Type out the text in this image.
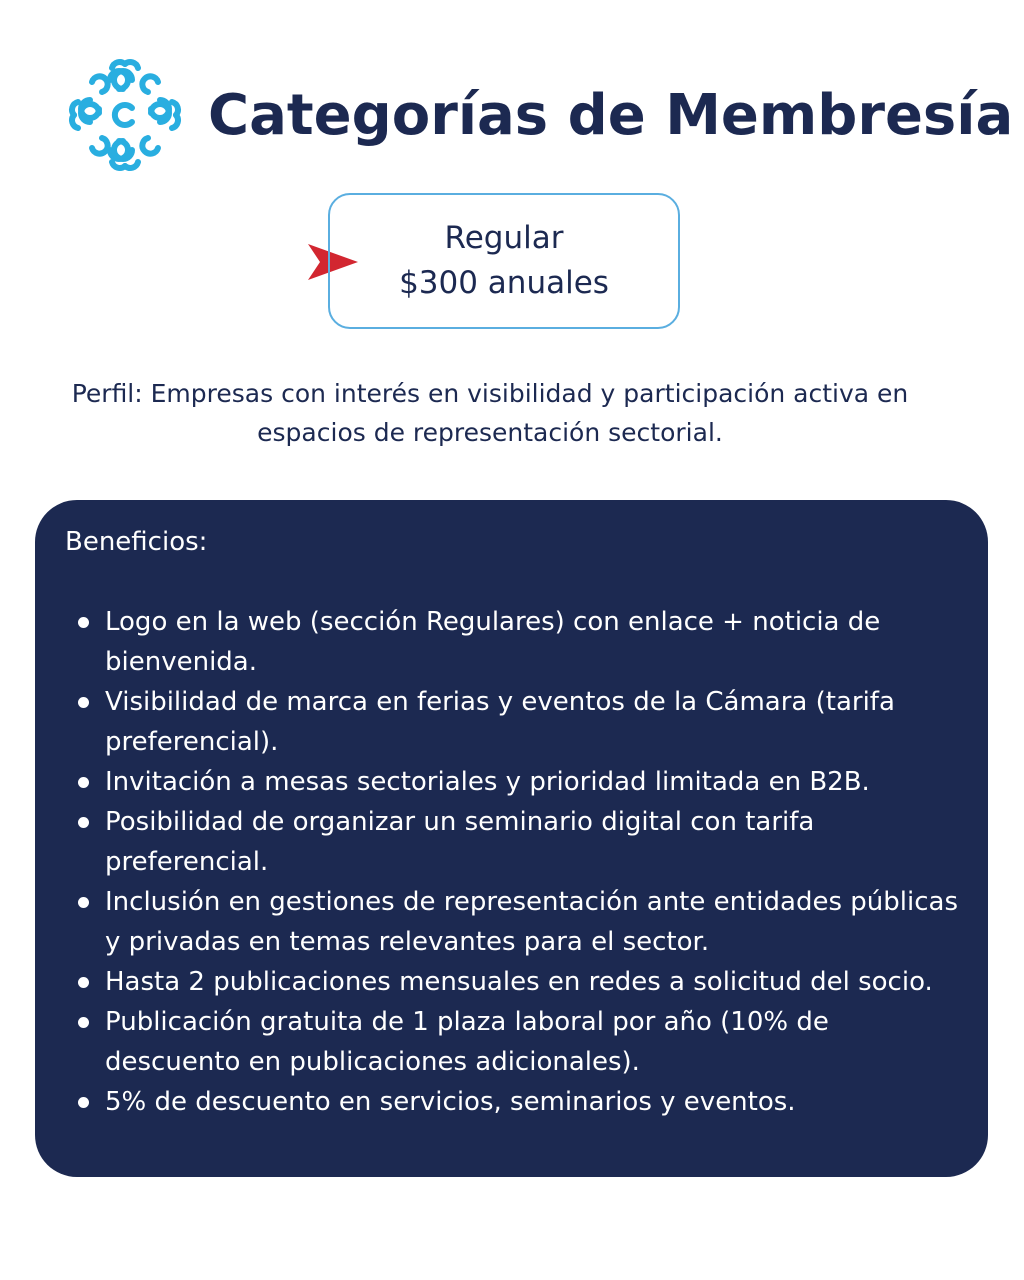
Categorías de Membresía
Regular
$300 anuales
Perfil: Empresas con interés en visibilidad y participación activa en espacios de representación sectorial.
Beneficios:
Logo en la web (sección Regulares) con enlace + noticia de bienvenida.
Visibilidad de marca en ferias y eventos de la Cámara (tarifa preferencial).
Invitación a mesas sectoriales y prioridad limitada en B2B.
Posibilidad de organizar un seminario digital con tarifa preferencial.
Inclusión en gestiones de representación ante entidades públicas y privadas en temas relevantes para el sector.
Hasta 2 publicaciones mensuales en redes a solicitud del socio.
Publicación gratuita de 1 plaza laboral por año (10% de descuento en publicaciones adicionales).
5% de descuento en servicios, seminarios y eventos.
